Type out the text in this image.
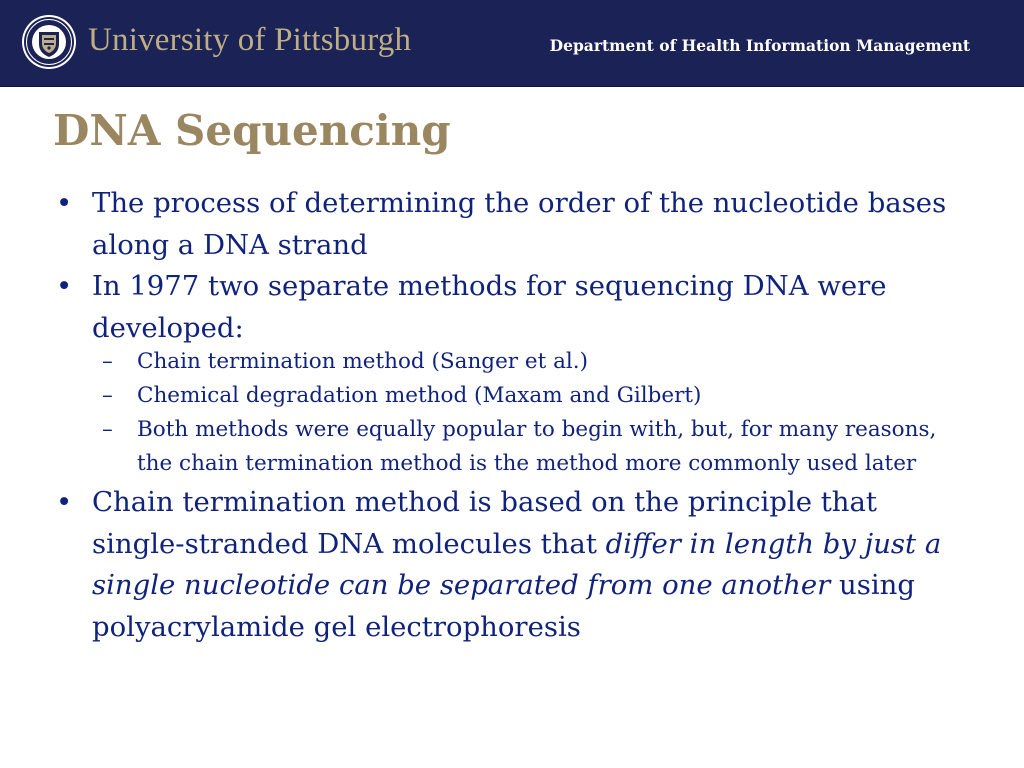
University of Pittsburgh	Department of Health Information Management
DNA Sequencing
• The process of determining the order of the nucleotide bases along a DNA strand
• In 1977 two separate methods for sequencing DNA were developed:
– Chain termination method (Sanger et al.)
– Chemical degradation method (Maxam and Gilbert)
– Both methods were equally popular to begin with, but, for many reasons, the chain termination method is the method more commonly used later
• Chain termination method is based on the principle that single-stranded DNA molecules that differ in length by just a single nucleotide can be separated from one another using polyacrylamide gel electrophoresis
